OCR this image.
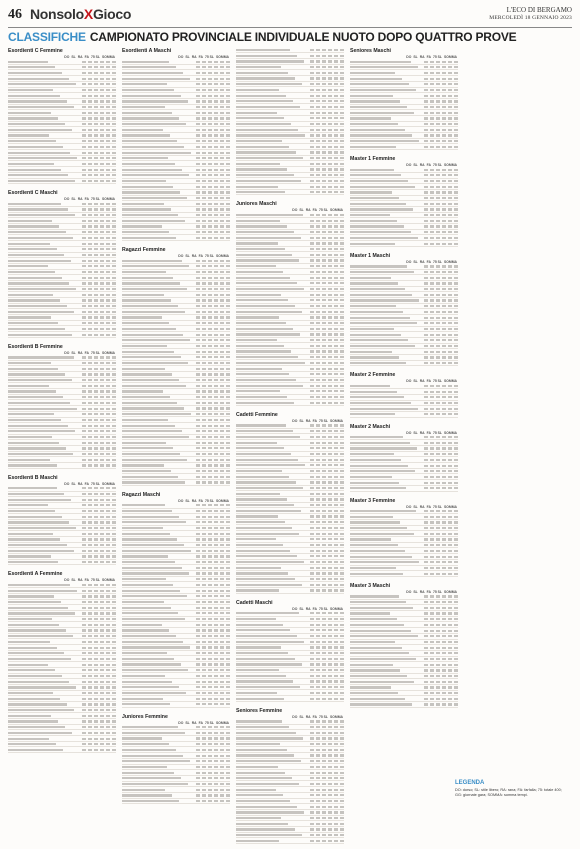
46 NonsoloXGioco	L'ECO DI BERGAMO
MERCOLEDÌ 18 GENNAIO 2023
CLASSIFICHE CAMPIONATO PROVINCIALE INDIVIDUALE NUOTO DOPO QUATTRO PROVE
Esordienti C Femmine
DO SL RA FA 75 SL SOMMA
Esordienti C Maschi
DO SL RA FA 75 SL SOMMA
Esordienti B Femmine
DO SL RA FA 75 SL SOMMA
Esordienti B Maschi
DO SL RA FA 75 SL SOMMA
Esordienti A Femmine
DO SL RA FA 75 SL SOMMA
Esordienti A Maschi
DO SL RA FA 75 SL SOMMA
Ragazzi Femmine
DO SL RA FA 75 SL SOMMA
Ragazzi Maschi
DO SL RA FA 75 SL SOMMA
Juniores Femmine
DO SL RA FA 75 SL SOMMA
Juniores Maschi
DO SL RA FA 75 SL SOMMA
Cadetti Femmine
DO SL RA FA 75 SL SOMMA
Cadetti Maschi
DO SL RA FA 75 SL SOMMA
Seniores Femmine
DO SL RA FA 75 SL SOMMA
Seniores Maschi
DO SL RA FA 75 SL SOMMA
Master 1 Femmine
DO SL RA FA 75 SL SOMMA
Master 1 Maschi
DO SL RA FA 75 SL SOMMA
Master 2 Femmine
DO SL RA FA 75 SL SOMMA
Master 2 Maschi
DO SL RA FA 75 SL SOMMA
Master 3 Femmine
DO SL RA FA 75 SL SOMMA
Master 3 Maschi
DO SL RA FA 75 SL SOMMA
LEGENDA
DO: dorso; SL: stile libero; RA: rana; FA: farfalla; 75: totale 400; GG: giornate gara; SOMMA: somma tempi.
